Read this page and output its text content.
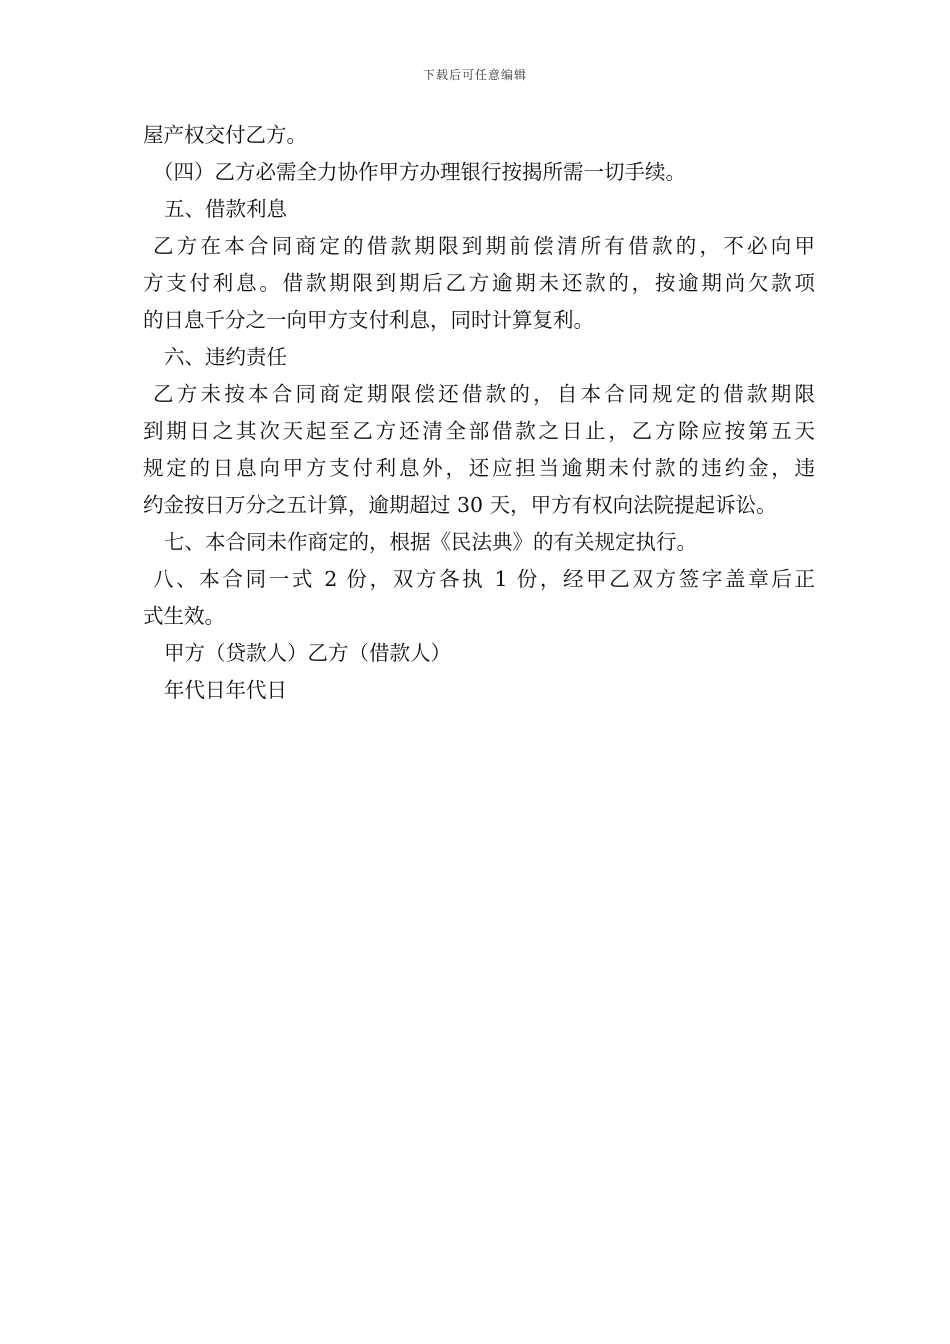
下载后可任意编辑

屋产权交付乙方。

（四）乙方必需全力协作甲方办理银行按揭所需一切手续。

五、借款利息

乙方在本合同商定的借款期限到期前偿清所有借款的，不必向甲

方支付利息。借款期限到期后乙方逾期未还款的，按逾期尚欠款项

的日息千分之一向甲方支付利息，同时计算复利。

六、违约责任

乙方未按本合同商定期限偿还借款的，自本合同规定的借款期限

到期日之其次天起至乙方还清全部借款之日止，乙方除应按第五天

规定的日息向甲方支付利息外，还应担当逾期未付款的违约金，违

约金按日万分之五计算，逾期超过 30 天，甲方有权向法院提起诉讼。

七、本合同未作商定的，根据《民法典》的有关规定执行。

八、本合同一式 2 份，双方各执 1 份，经甲乙双方签字盖章后正

式生效。

甲方（贷款人）乙方（借款人）

年代日年代日
